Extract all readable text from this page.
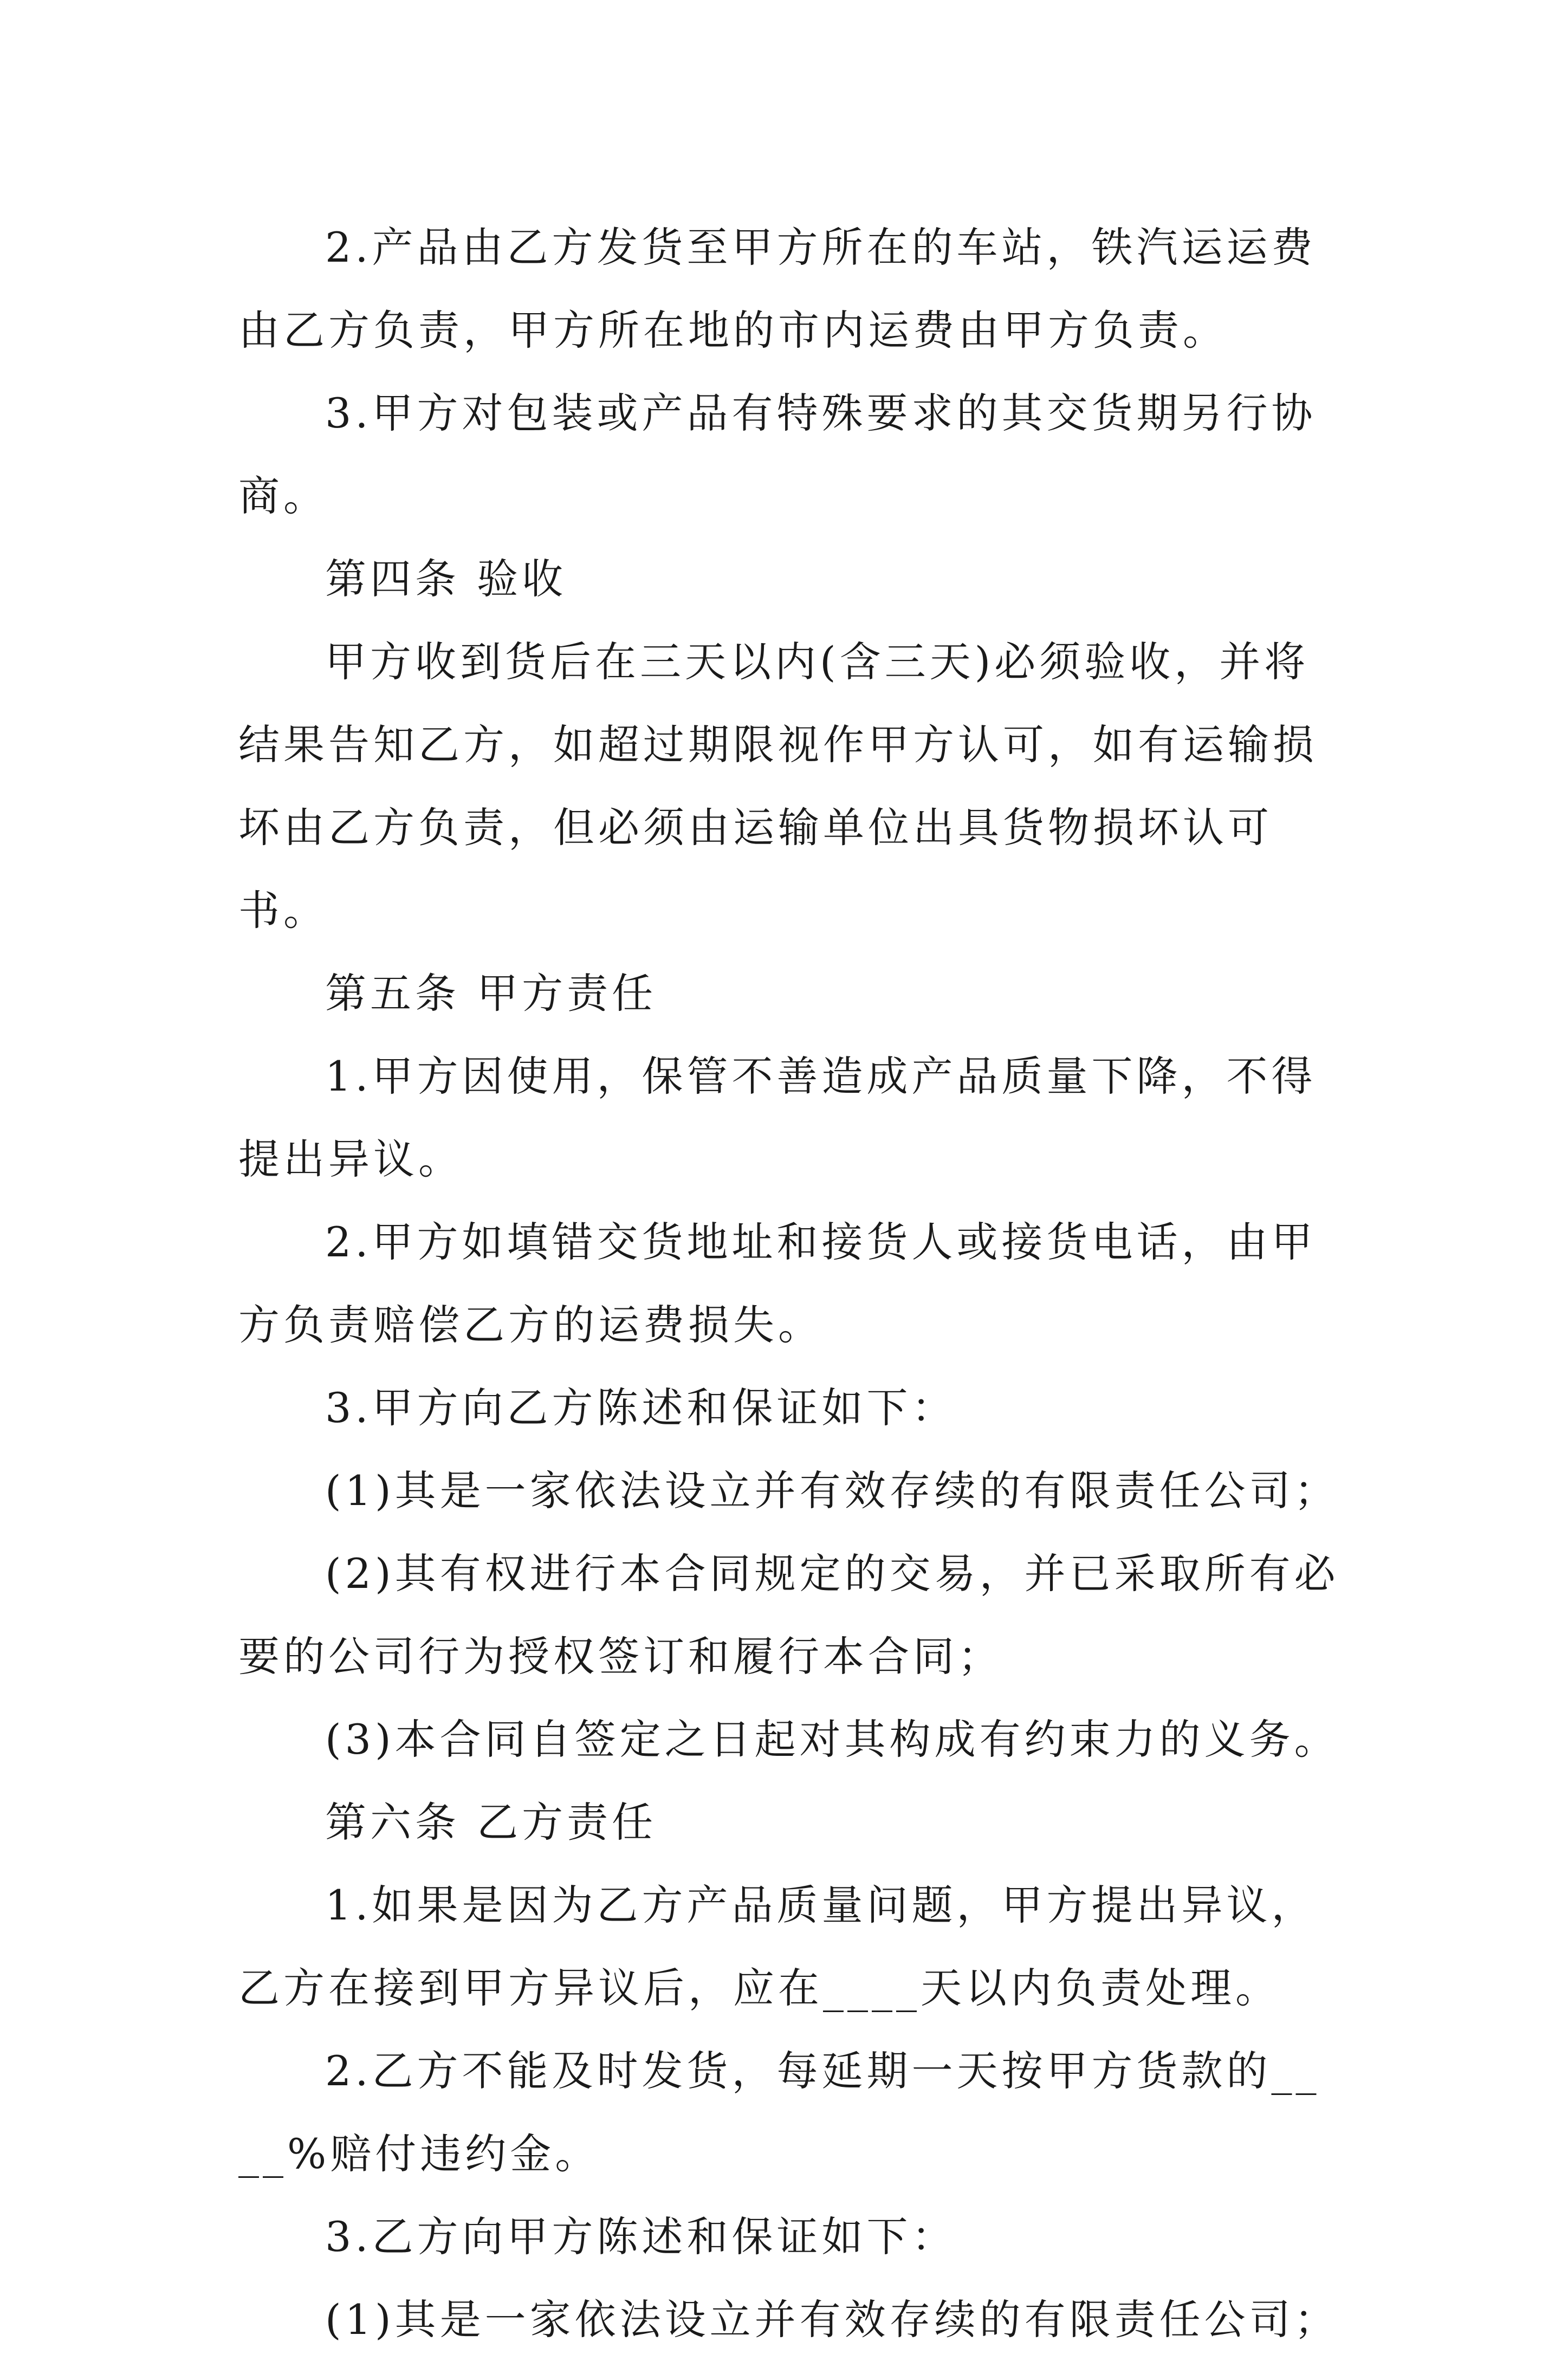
2.产品由乙方发货至甲方所在的车站，铁汽运运费由乙方负责，甲方所在地的市内运费由甲方负责。

3.甲方对包装或产品有特殊要求的其交货期另行协商。

第四条 验收

甲方收到货后在三天以内(含三天)必须验收，并将结果告知乙方，如超过期限视作甲方认可，如有运输损坏由乙方负责，但必须由运输单位出具货物损坏认可书。

第五条 甲方责任

1.甲方因使用，保管不善造成产品质量下降，不得提出异议。

2.甲方如填错交货地址和接货人或接货电话，由甲方负责赔偿乙方的运费损失。

3.甲方向乙方陈述和保证如下：

(1)其是一家依法设立并有效存续的有限责任公司；

(2)其有权进行本合同规定的交易，并已采取所有必要的公司行为授权签订和履行本合同；

(3)本合同自签定之日起对其构成有约束力的义务。

第六条 乙方责任

1.如果是因为乙方产品质量问题，甲方提出异议，乙方在接到甲方异议后，应在____天以内负责处理。

2.乙方不能及时发货，每延期一天按甲方货款的____%赔付违约金。

3.乙方向甲方陈述和保证如下：

(1)其是一家依法设立并有效存续的有限责任公司；
